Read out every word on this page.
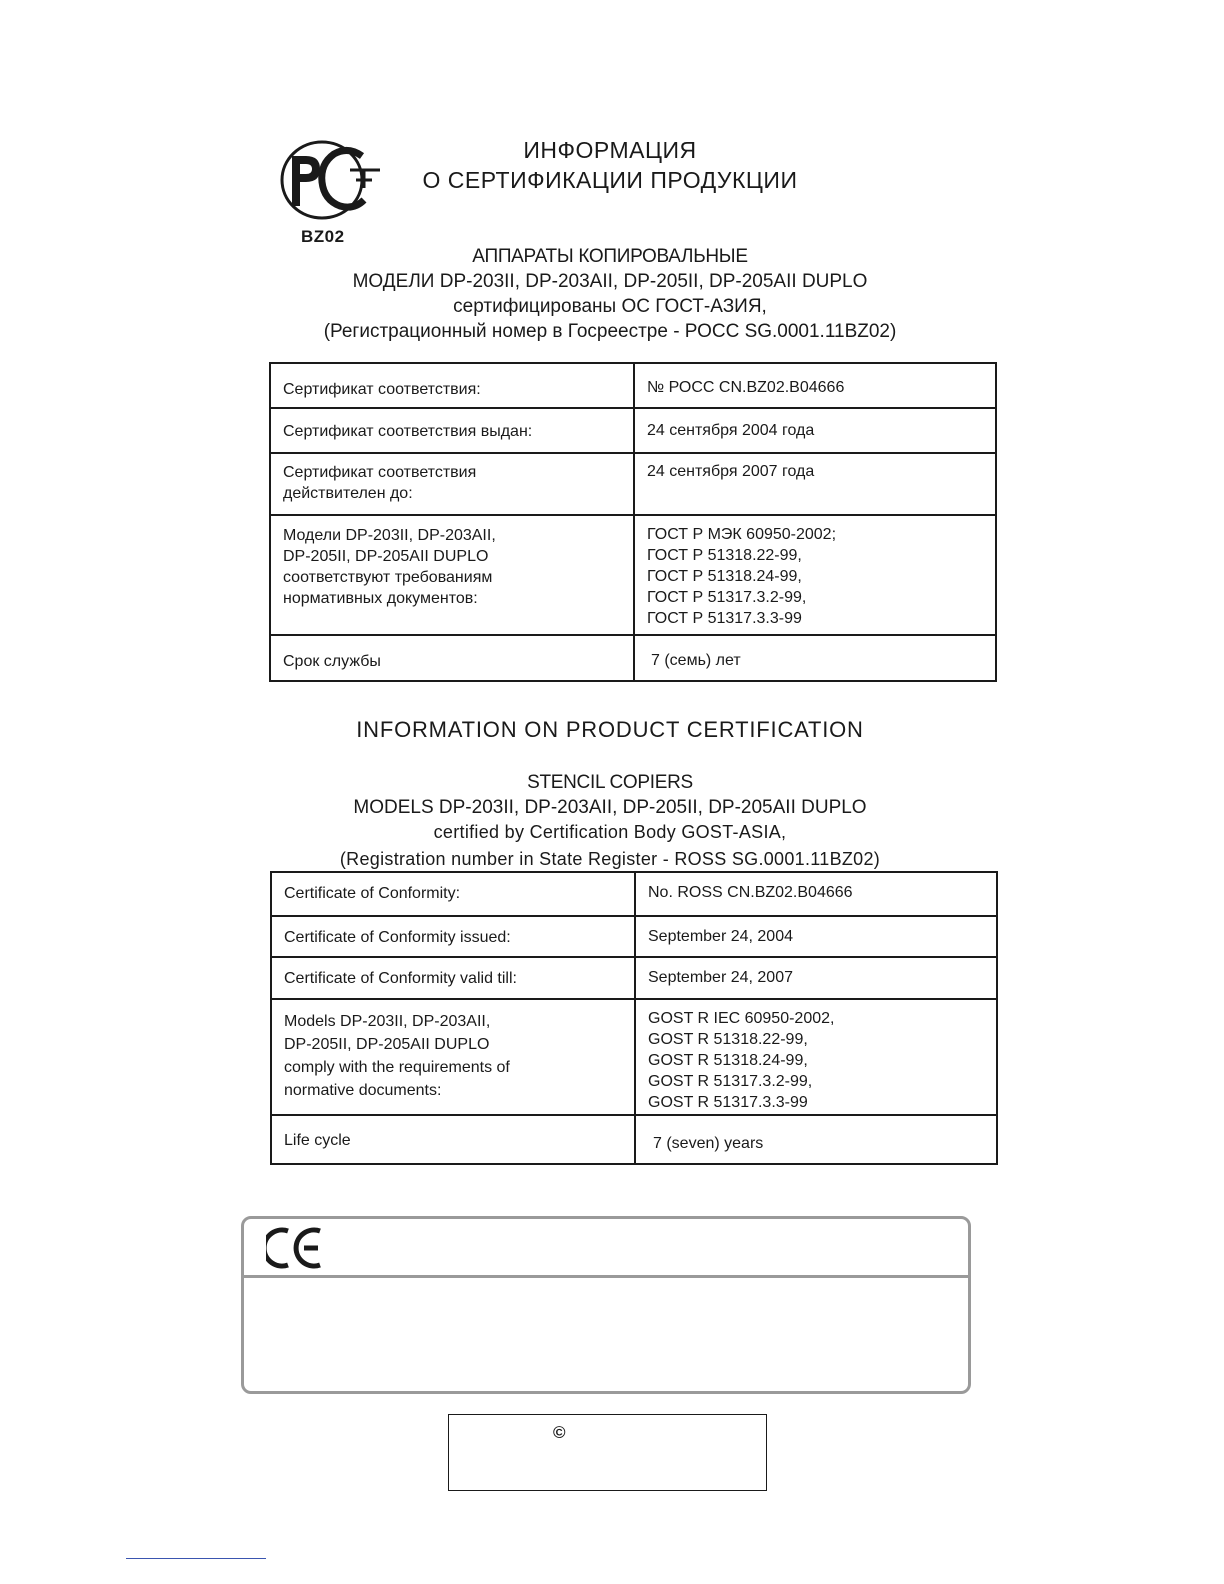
BZ02
ИНФОРМАЦИЯ
О СЕРТИФИКАЦИИ ПРОДУКЦИИ
АППАРАТЫ КОПИРОВАЛЬНЫЕ
МОДЕЛИ DP-203II, DP-203AII, DP-205II, DP-205AII DUPLO
сертифицированы ОС ГОСТ-АЗИЯ,
(Регистрационный номер в Госреестре - РОСС SG.0001.11BZ02)
Сертификат соответствия:	№ РОСС CN.BZ02.B04666

Сертификат соответствия выдан:	24 сентября 2004 года

Сертификат соответствия
действителен до:	24 сентября 2007 года

Модели DP-203II, DP-203AII,
DP-205II, DP-205AII DUPLO
соответствуют требованиям
нормативных документов:	ГОСТ Р МЭК 60950-2002;
ГОСТ Р 51318.22-99,
ГОСТ Р 51318.24-99,
ГОСТ Р 51317.3.2-99,
ГОСТ Р 51317.3.3-99

Срок службы	7 (семь) лет
INFORMATION ON PRODUCT CERTIFICATION
STENCIL COPIERS
MODELS DP-203II, DP-203AII, DP-205II, DP-205AII DUPLO
certified by Certification Body GOST-ASIA,
(Registration number in State Register - ROSS SG.0001.11BZ02)
Certificate of Conformity:	No. ROSS CN.BZ02.B04666

Certificate of Conformity issued:	September 24, 2004

Certificate of Conformity valid till:	September 24, 2007

Models DP-203II, DP-203AII,
DP-205II, DP-205AII DUPLO
comply with the requirements of
normative documents:	GOST R IEC 60950-2002,
GOST R 51318.22-99,
GOST R 51318.24-99,
GOST R 51317.3.2-99,
GOST R 51317.3.3-99

Life cycle	7 (seven) years
©
